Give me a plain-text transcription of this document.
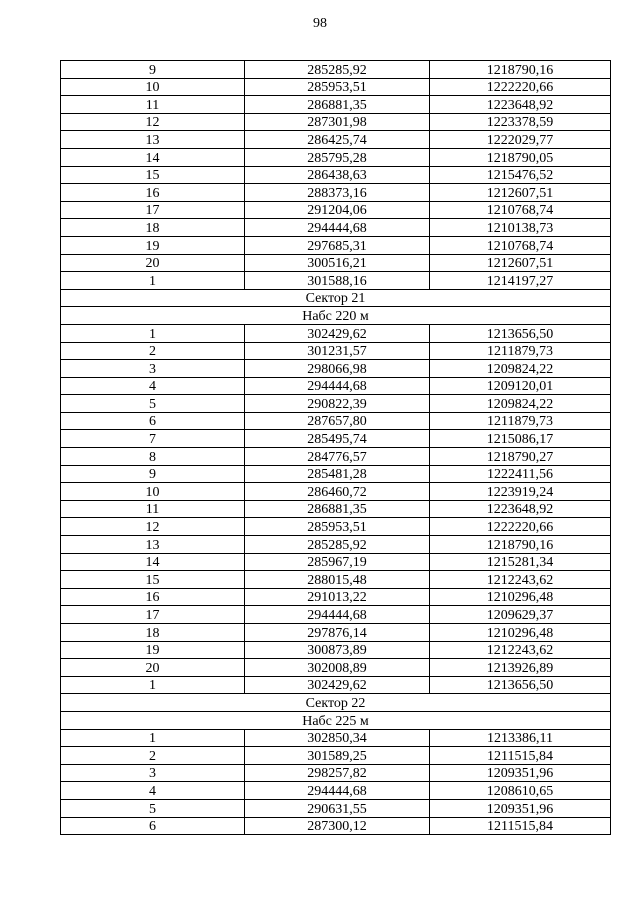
98
9	285285,92	1218790,16
10	285953,51	1222220,66
11	286881,35	1223648,92
12	287301,98	1223378,59
13	286425,74	1222029,77
14	285795,28	1218790,05
15	286438,63	1215476,52
16	288373,16	1212607,51
17	291204,06	1210768,74
18	294444,68	1210138,73
19	297685,31	1210768,74
20	300516,21	1212607,51
1	301588,16	1214197,27
Сектор 21		
Набс 220 м		
1	302429,62	1213656,50
2	301231,57	1211879,73
3	298066,98	1209824,22
4	294444,68	1209120,01
5	290822,39	1209824,22
6	287657,80	1211879,73
7	285495,74	1215086,17
8	284776,57	1218790,27
9	285481,28	1222411,56
10	286460,72	1223919,24
11	286881,35	1223648,92
12	285953,51	1222220,66
13	285285,92	1218790,16
14	285967,19	1215281,34
15	288015,48	1212243,62
16	291013,22	1210296,48
17	294444,68	1209629,37
18	297876,14	1210296,48
19	300873,89	1212243,62
20	302008,89	1213926,89
1	302429,62	1213656,50
Сектор 22		
Набс 225 м		
1	302850,34	1213386,11
2	301589,25	1211515,84
3	298257,82	1209351,96
4	294444,68	1208610,65
5	290631,55	1209351,96
6	287300,12	1211515,84
